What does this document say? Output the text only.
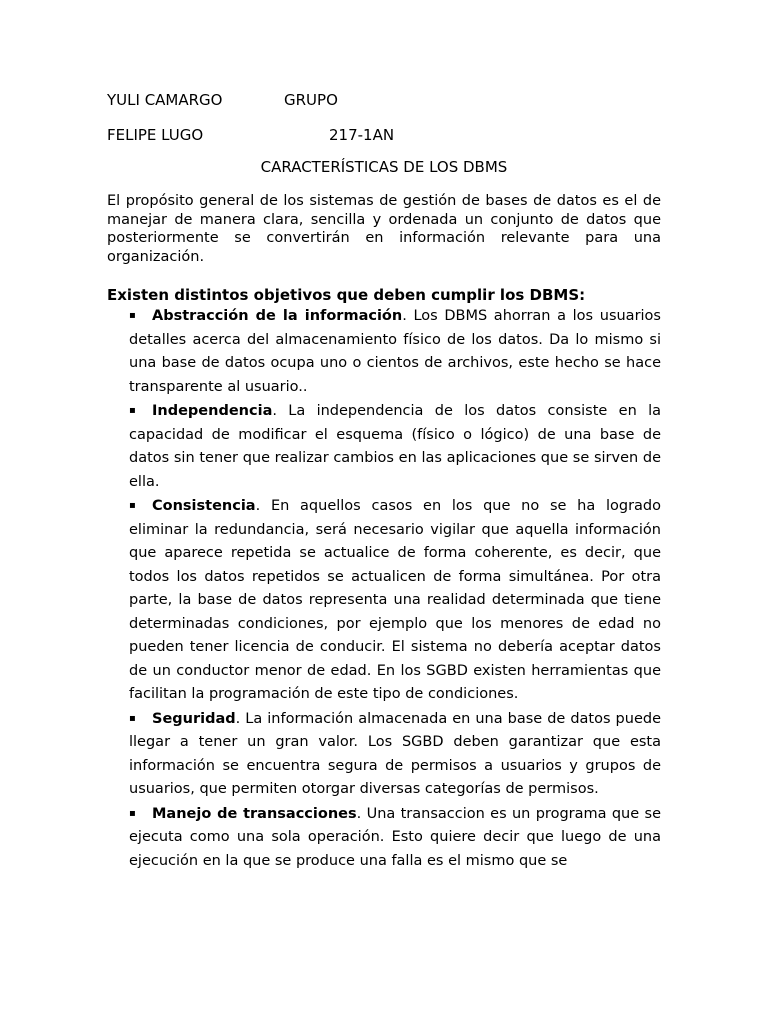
YULI CAMARGO	GRUPO
FELIPE LUGO	217-1AN
CARACTERÍSTICAS DE LOS DBMS

El propósito general de los sistemas de gestión de bases de datos es el de manejar de manera clara, sencilla y ordenada un conjunto de datos que posteriormente se convertirán en información relevante para una organización.

Existen distintos objetivos que deben cumplir los DBMS:
▪ Abstracción de la información. Los DBMS ahorran a los usuarios detalles acerca del almacenamiento físico de los datos. Da lo mismo si una base de datos ocupa uno o cientos de archivos, este hecho se hace transparente al usuario..
▪ Independencia. La independencia de los datos consiste en la capacidad de modificar el esquema (físico o lógico) de una base de datos sin tener que realizar cambios en las aplicaciones que se sirven de ella.
▪ Consistencia. En aquellos casos en los que no se ha logrado eliminar la redundancia, será necesario vigilar que aquella información que aparece repetida se actualice de forma coherente, es decir, que todos los datos repetidos se actualicen de forma simultánea. Por otra parte, la base de datos representa una realidad determinada que tiene determinadas condiciones, por ejemplo que los menores de edad no pueden tener licencia de conducir. El sistema no debería aceptar datos de un conductor menor de edad. En los SGBD existen herramientas que facilitan la programación de este tipo de condiciones.
▪ Seguridad. La información almacenada en una base de datos puede llegar a tener un gran valor. Los SGBD deben garantizar que esta información se encuentra segura de permisos a usuarios y grupos de usuarios, que permiten otorgar diversas categorías de permisos.
▪ Manejo de transacciones. Una transaccion es un programa que se ejecuta como una sola operación. Esto quiere decir que luego de una ejecución en la que se produce una falla es el mismo que se
